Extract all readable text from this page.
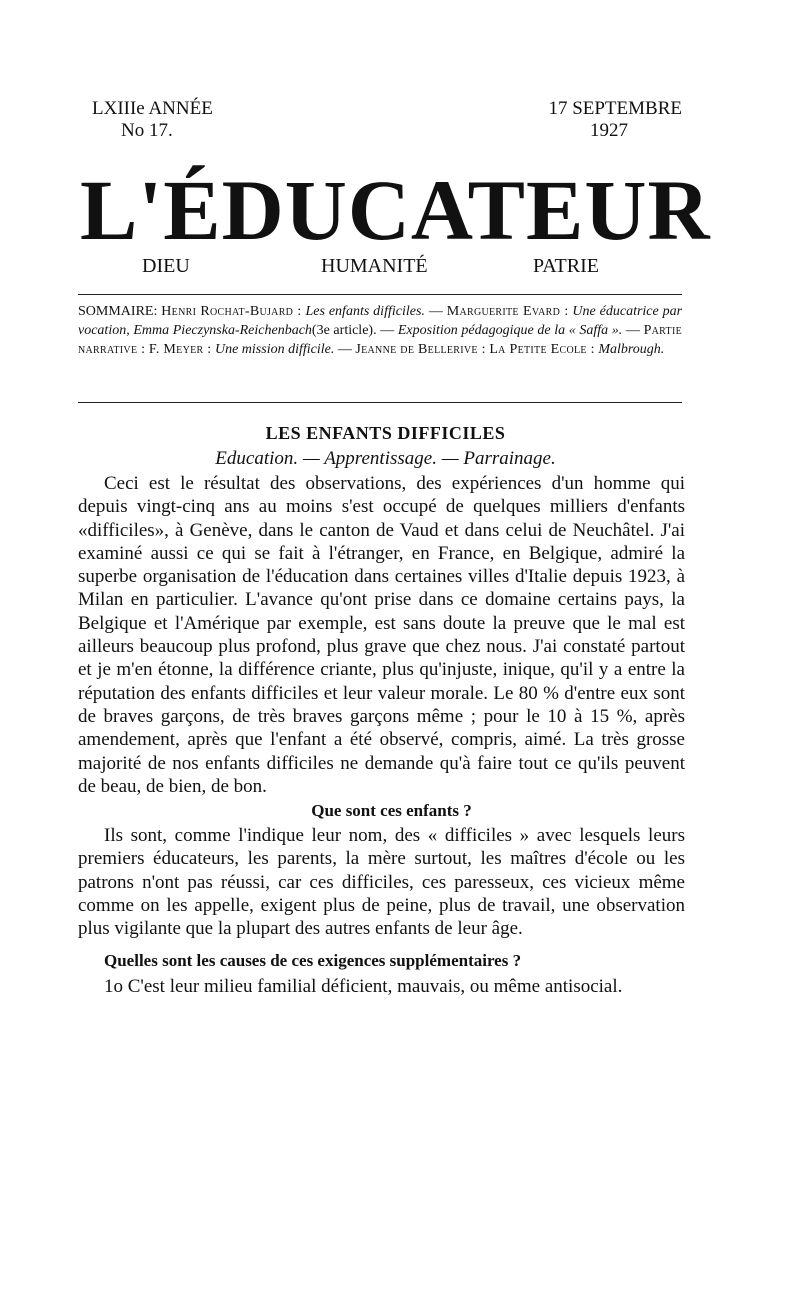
LXIIIe ANNÉE
No 17.
17 SEPTEMBRE
1927
L'ÉDUCATEUR
DIEU	HUMANITÉ	PATRIE
SOMMAIRE: Henri Rochat-Bujard : Les enfants difficiles. — Marguerite Evard : Une éducatrice par vocation, Emma Pieczynska-Reichenbach(3e article). — Exposition pédagogique de la « Saffa ». — Partie narrative : F. Meyer : Une mission difficile. — Jeanne de Bellerive : La Petite Ecole : Malbrough.
LES ENFANTS DIFFICILES
Education. — Apprentissage. — Parrainage.

Ceci est le résultat des observations, des expériences d'un homme qui depuis vingt-cinq ans au moins s'est occupé de quelques milliers d'enfants «difficiles», à Genève, dans le canton de Vaud et dans celui de Neuchâtel. J'ai examiné aussi ce qui se fait à l'étranger, en France, en Belgique, admiré la superbe organisation de l'éducation dans certaines villes d'Italie depuis 1923, à Milan en particulier. L'avance qu'ont prise dans ce domaine certains pays, la Belgique et l'Amérique par exemple, est sans doute la preuve que le mal est ailleurs beaucoup plus profond, plus grave que chez nous. J'ai constaté partout et je m'en étonne, la différence criante, plus qu'injuste, inique, qu'il y a entre la réputation des enfants difficiles et leur valeur morale. Le 80 % d'entre eux sont de braves garçons, de très braves garçons même ; pour le 10 à 15 %, après amendement, après que l'enfant a été observé, compris, aimé. La très grosse majorité de nos enfants difficiles ne demande qu'à faire tout ce qu'ils peuvent de beau, de bien, de bon.

Que sont ces enfants ?

Ils sont, comme l'indique leur nom, des « difficiles » avec lesquels leurs premiers éducateurs, les parents, la mère surtout, les maîtres d'école ou les patrons n'ont pas réussi, car ces difficiles, ces paresseux, ces vicieux même comme on les appelle, exigent plus de peine, plus de travail, une observation plus vigilante que la plupart des autres enfants de leur âge.

Quelles sont les causes de ces exigences supplémentaires ?

1o C'est leur milieu familial déficient, mauvais, ou même antisocial.
